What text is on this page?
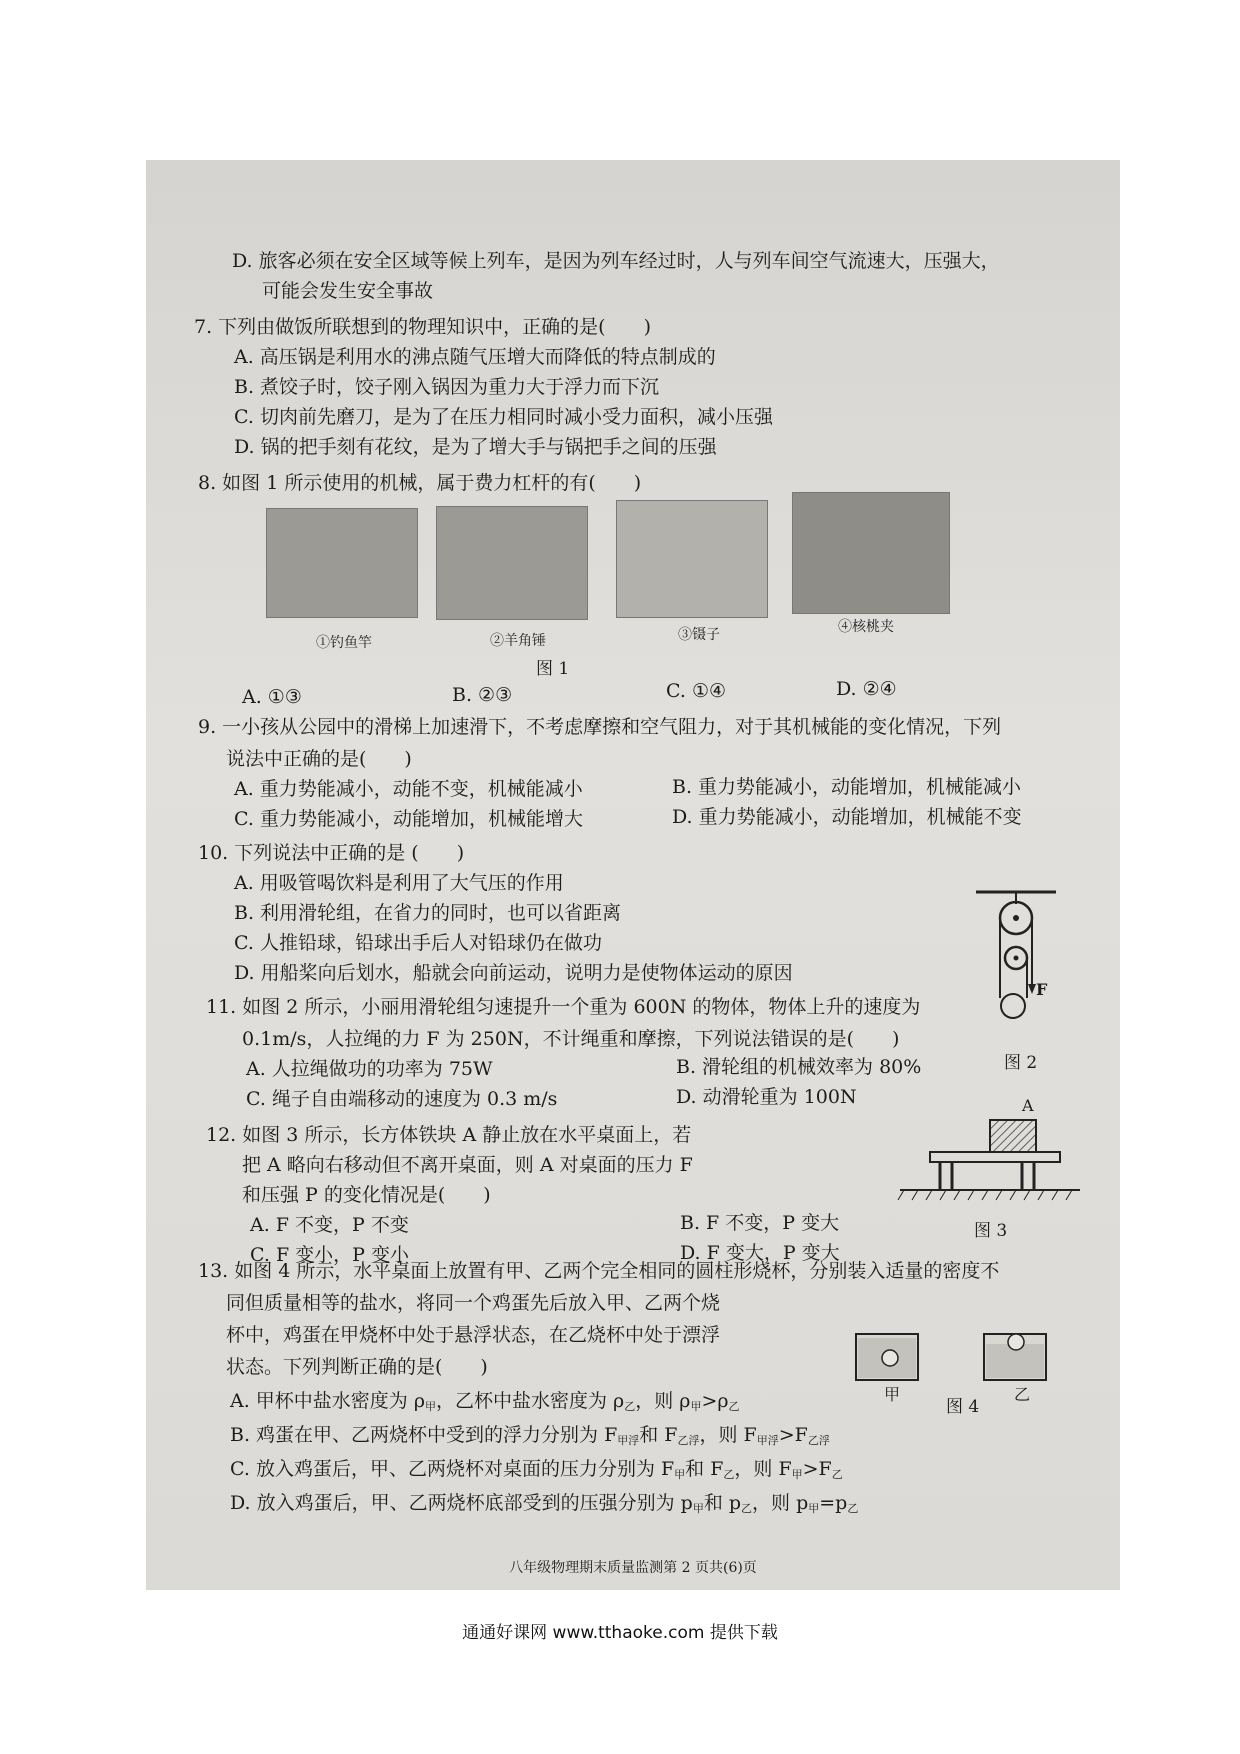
D. 旅客必须在安全区域等候上列车，是因为列车经过时，人与列车间空气流速大，压强大，
可能会发生安全事故
7. 下列由做饭所联想到的物理知识中，正确的是(　　)
A. 高压锅是利用水的沸点随气压增大而降低的特点制成的
B. 煮饺子时，饺子刚入锅因为重力大于浮力而下沉
C. 切肉前先磨刀，是为了在压力相同时减小受力面积，减小压强
D. 锅的把手刻有花纹，是为了增大手与锅把手之间的压强
8. 如图 1 所示使用的机械，属于费力杠杆的有(　　)
①钓鱼竿	②羊角锤	③镊子	④核桃夹
图 1
A. ①③	B. ②③	C. ①④	D. ②④
9. 一小孩从公园中的滑梯上加速滑下，不考虑摩擦和空气阻力，对于其机械能的变化情况，下列
说法中正确的是(　　)
A. 重力势能减小，动能不变，机械能减小	B. 重力势能减小，动能增加，机械能减小
C. 重力势能减小，动能增加，机械能增大	D. 重力势能减小，动能增加，机械能不变
10. 下列说法中正确的是 (　　)
A. 用吸管喝饮料是利用了大气压的作用
B. 利用滑轮组，在省力的同时，也可以省距离
C. 人推铅球，铅球出手后人对铅球仍在做功
D. 用船桨向后划水，船就会向前运动，说明力是使物体运动的原因
F
图 2
11. 如图 2 所示，小丽用滑轮组匀速提升一个重为 600N 的物体，物体上升的速度为
0.1m/s，人拉绳的力 F 为 250N，不计绳重和摩擦，下列说法错误的是(　　)
A. 人拉绳做功的功率为 75W	B. 滑轮组的机械效率为 80%
C. 绳子自由端移动的速度为 0.3 m/s	D. 动滑轮重为 100N
12. 如图 3 所示，长方体铁块 A 静止放在水平桌面上，若
把 A 略向右移动但不离开桌面，则 A 对桌面的压力 F
和压强 P 的变化情况是(　　)
A. F 不变，P 不变	B. F 不变，P 变大
C. F 变小，P 变小	D. F 变大，P 变大
A
图 3
13. 如图 4 所示，水平桌面上放置有甲、乙两个完全相同的圆柱形烧杯，分别装入适量的密度不
同但质量相等的盐水，将同一个鸡蛋先后放入甲、乙两个烧
杯中，鸡蛋在甲烧杯中处于悬浮状态，在乙烧杯中处于漂浮
状态。下列判断正确的是(　　)
甲	乙
图 4
A. 甲杯中盐水密度为 $\rho_甲$，乙杯中盐水密度为 $\rho_乙$，则 $\rho_甲>\rho_乙$
B. 鸡蛋在甲、乙两烧杯中受到的浮力分别为 $F_{甲浮}$和 $F_{乙浮}$，则 $F_{甲浮}>F_{乙浮}$
C. 放入鸡蛋后，甲、乙两烧杯对桌面的压力分别为 $F_甲$和 $F_乙$，则 $F_甲>F_乙$
D. 放入鸡蛋后，甲、乙两烧杯底部受到的压强分别为 $p_甲$和 $p_乙$，则 $p_甲=p_乙$
八年级物理期末质量监测第 2 页共(6)页
通通好课网 www.tthaoke.com 提供下载
